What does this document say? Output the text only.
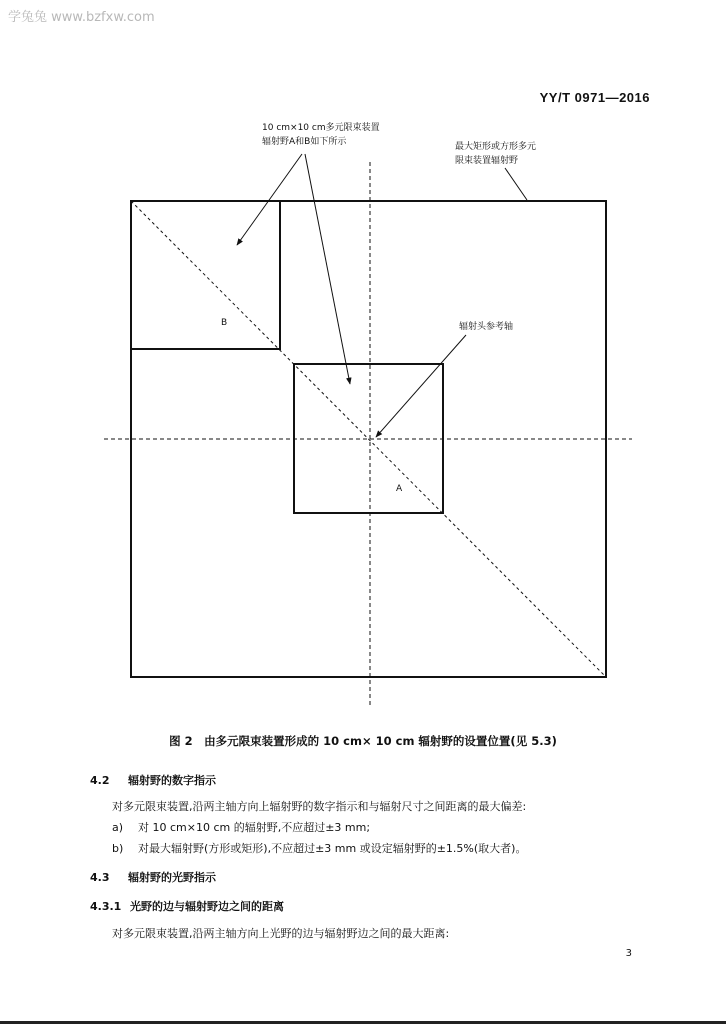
学兔兔 www.bzfxw.com
YY/T 0971—2016
10 cm×10 cm多元限束装置
辐射野A和B如下所示	最大矩形或方形多元
限束装置辐射野
辐射头参考轴
B
A
图 2　由多元限束装置形成的 10 cm× 10 cm 辐射野的设置位置(见 5.3)
4.2 辐射野的数字指示
对多元限束装置,沿两主轴方向上辐射野的数字指示和与辐射尺寸之间距离的最大偏差:
a) 对 10 cm×10 cm 的辐射野,不应超过±3 mm;
b) 对最大辐射野(方形或矩形),不应超过±3 mm 或设定辐射野的±1.5%(取大者)。
4.3 辐射野的光野指示
4.3.1 光野的边与辐射野边之间的距离
对多元限束装置,沿两主轴方向上光野的边与辐射野边之间的最大距离:
3
